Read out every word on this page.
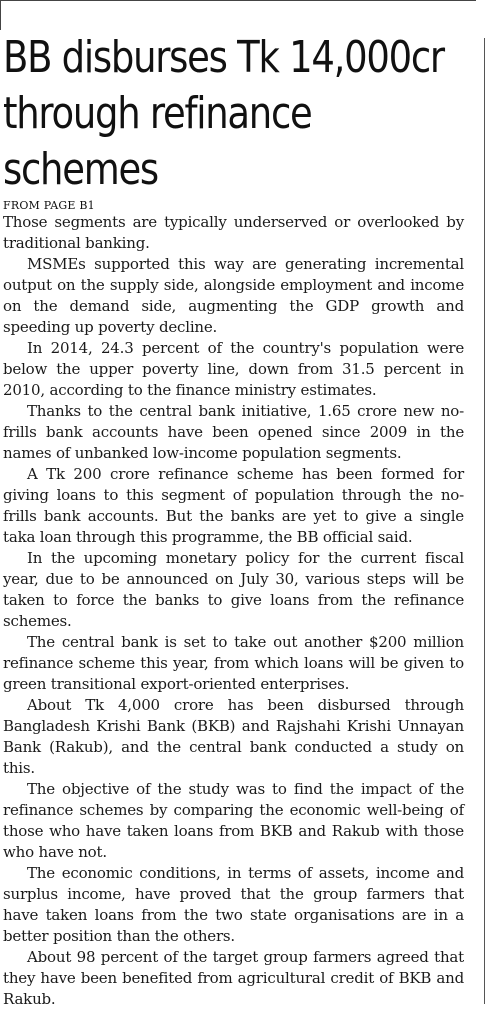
BB disburses Tk 14,000cr through refinance schemes
FROM PAGE B1

Those segments are typically underserved or overlooked by traditional banking.

MSMEs supported this way are generating incremental output on the supply side, alongside employment and income on the demand side, augmenting the GDP growth and speeding up poverty decline.

In 2014, 24.3 percent of the country's population were below the upper poverty line, down from 31.5 percent in 2010, according to the finance ministry estimates.

Thanks to the central bank initiative, 1.65 crore new no-frills bank accounts have been opened since 2009 in the names of unbanked low-income population segments.

A Tk 200 crore refinance scheme has been formed for giving loans to this segment of population through the no-frills bank accounts. But the banks are yet to give a single taka loan through this programme, the BB official said.

In the upcoming monetary policy for the current fiscal year, due to be announced on July 30, various steps will be taken to force the banks to give loans from the refinance schemes.

The central bank is set to take out another $200 million refinance scheme this year, from which loans will be given to green transitional export-oriented enterprises.

About Tk 4,000 crore has been disbursed through Bangladesh Krishi Bank (BKB) and Rajshahi Krishi Unnayan Bank (Rakub), and the central bank conducted a study on this.

The objective of the study was to find the impact of the refinance schemes by comparing the economic well-being of those who have taken loans from BKB and Rakub with those who have not.

The economic conditions, in terms of assets, income and surplus income, have proved that the group farmers that have taken loans from the two state organisations are in a better position than the others.

About 98 percent of the target group farmers agreed that they have been benefited from agricultural credit of BKB and Rakub.
